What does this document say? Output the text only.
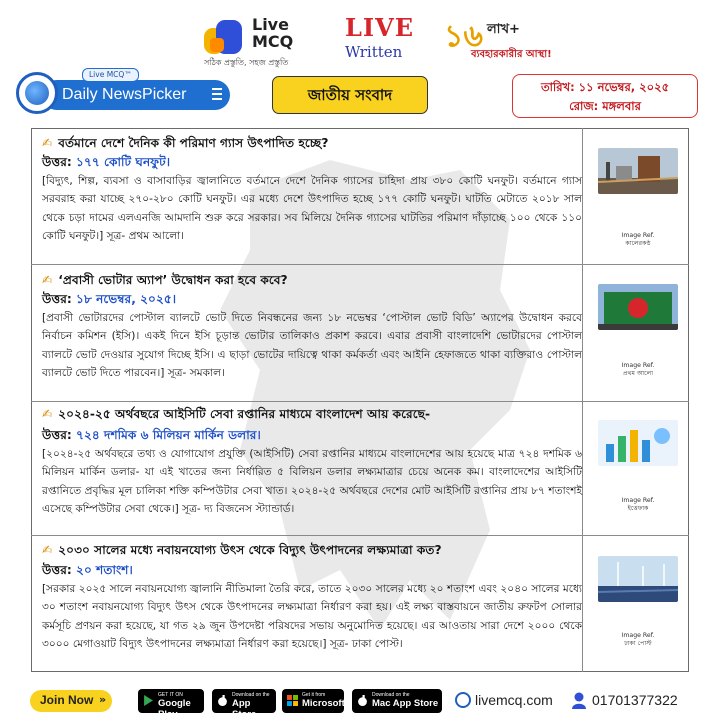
Live
MCQ
সঠিক প্রস্তুতি, সহজ প্রস্তুতি
LIVE
Written ১৬ লাখ+
ব্যবহারকারীর আস্থা!
Live MCQ™
Daily NewsPicker	জাতীয় সংবাদ	তারিখ: ১১ নভেম্বর, ২০২৫
রোজ: মঙ্গলবার
✍ বর্তমানে দেশে দৈনিক কী পরিমাণ গ্যাস উৎপাদিত হচ্ছে?
উত্তর: ১৭৭ কোটি ঘনফুট।
[বিদ্যুৎ, শিল্প, ব্যবসা ও বাসাবাড়ির জ্বালানিতে বর্তমানে দেশে দৈনিক গ্যাসের চাহিদা প্রায় ৩৮০ কোটি ঘনফুট। বর্তমানে গ্যাস সরবরাহ করা যাচ্ছে ২৭০-২৮০ কোটি ঘনফুট। এর মধ্যে দেশে উৎপাদিত হচ্ছে ১৭৭ কোটি ঘনফুট। ঘাটতি মেটাতে ২০১৮ সাল থেকে চড়া দামের এলএনজি আমদানি শুরু করে সরকার। সব মিলিয়ে দৈনিক গ্যাসের ঘাটতির পরিমাণ দাঁড়াচ্ছে ১০০ থেকে ১১০ কোটি ঘনফুট।] সূত্র- প্রথম আলো।	Image Ref.
কালেরকণ্ঠ
✍ ‘প্রবাসী ভোটার অ্যাপ’ উদ্বোধন করা হবে কবে?
উত্তর: ১৮ নভেম্বর, ২০২৫।
[প্রবাসী ভোটারদের পোস্টাল ব্যালটে ভোট দিতে নিবন্ধনের জন্য ১৮ নভেম্বর ‘পোস্টাল ভোট বিডি’ অ্যাপের উদ্বোধন করবে নির্বাচন কমিশন (ইসি)। একই দিনে ইসি চূড়ান্ত ভোটার তালিকাও প্রকাশ করবে। এবার প্রবাসী বাংলাদেশি ভোটারদের পোস্টাল ব্যালটে ভোট দেওয়ার সুযোগ দিচ্ছে ইসি। এ ছাড়া ভোটের দায়িত্বে থাকা কর্মকর্তা এবং আইনি হেফাজতে থাকা ব্যক্তিরাও পোস্টাল ব্যালটে ভোট দিতে পারবেন।] সূত্র- সমকাল।
Image Ref.
প্রথম আলো
✍ ২০২৪-২৫ অর্থবছরে আইসিটি সেবা রপ্তানির মাধ্যমে বাংলাদেশ আয় করেছে-
উত্তর: ৭২৪ দশমিক ৬ মিলিয়ন মার্কিন ডলার।
[২০২৪-২৫ অর্থবছরে তথ্য ও যোগাযোগ প্রযুক্তি (আইসিটি) সেবা রপ্তানির মাধ্যমে বাংলাদেশের আয় হয়েছে মাত্র ৭২৪ দশমিক ৬ মিলিয়ন মার্কিন ডলার- যা এই খাতের জন্য নির্ধারিত ৫ বিলিয়ন ডলার লক্ষ্যমাত্রার চেয়ে অনেক কম। বাংলাদেশের আইসিটি রপ্তানিতে প্রবৃদ্ধির মূল চালিকা শক্তি কম্পিউটার সেবা খাত। ২০২৪-২৫ অর্থবছরে দেশের মোট আইসিটি রপ্তানির প্রায় ৮৭ শতাংশই এসেছে কম্পিউটার সেবা থেকে।] সূত্র- দ্য বিজনেস স্ট্যান্ডার্ড।
Image Ref.
ইত্তেফাক
✍ ২০৩০ সালের মধ্যে নবায়নযোগ্য উৎস থেকে বিদ্যুৎ উৎপাদনের লক্ষ্যমাত্রা কত?
উত্তর: ২০ শতাংশ।
[সরকার ২০২৫ সালে নবায়নযোগ্য জ্বালানি নীতিমালা তৈরি করে, তাতে ২০৩০ সালের মধ্যে ২০ শতাংশ এবং ২০৪০ সালের মধ্যে ৩০ শতাংশ নবায়নযোগ্য বিদ্যুৎ উৎস থেকে উৎপাদনের লক্ষ্যমাত্রা নির্ধারণ করা হয়। এই লক্ষ্য বাস্তবায়নে জাতীয় রুফটপ সোলার কর্মসূচি প্রণয়ন করা হয়েছে, যা গত ২৯ জুন উপদেষ্টা পরিষদের সভায় অনুমোদিত হয়েছে। এর আওতায় সারা দেশে ২০০০ থেকে ৩০০০ মেগাওয়াট বিদ্যুৎ উৎপাদনের লক্ষ্যমাত্রা নির্ধারণ করা হয়েছে।] সূত্র- ঢাকা পোস্ট।
Image Ref.
ঢাকা পোস্ট
Join Now »	GET IT ON
Google Play
Download on the
App Store
Get it from
Microsoft
Download on the
Mac App Store	livemcq.com	01701377322
